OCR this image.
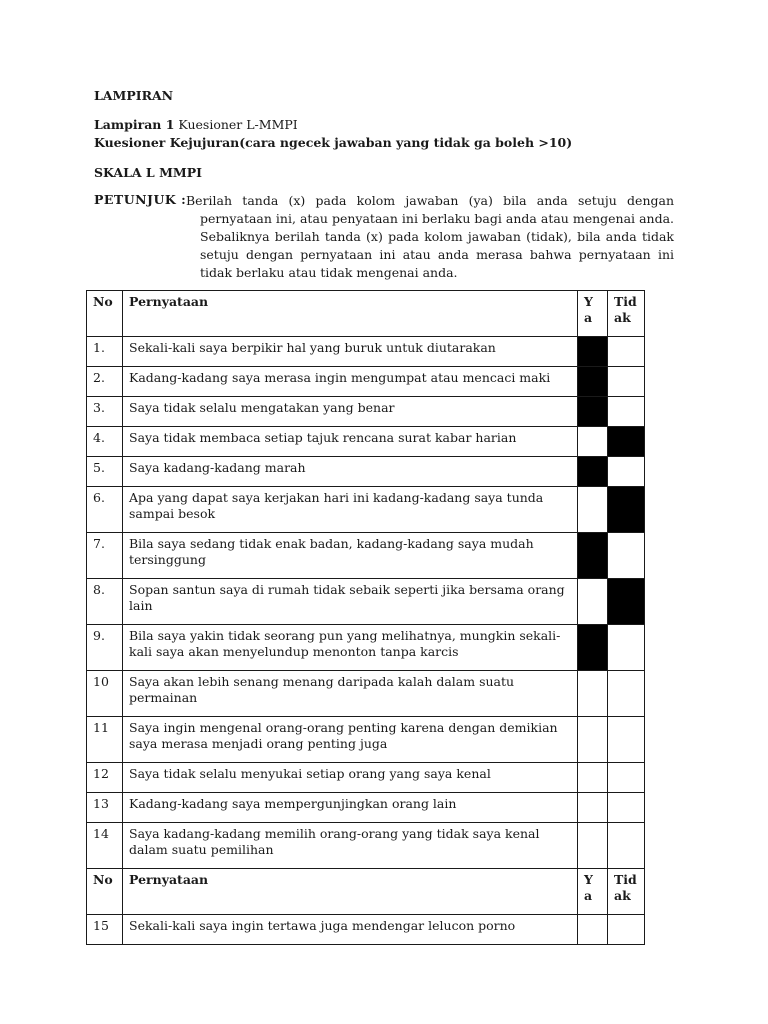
LAMPIRAN
Lampiran 1 Kuesioner L-MMPI
Kuesioner Kejujuran(cara ngecek jawaban yang tidak ga boleh >10)
SKALA L MMPI
PETUNJUK : Berilah tanda (x) pada kolom jawaban (ya) bila anda setuju dengan pernyataan ini, atau penyataan ini berlaku bagi anda atau mengenai anda. Sebaliknya berilah tanda (x) pada kolom jawaban (tidak), bila anda tidak setuju dengan pernyataan ini atau anda merasa bahwa pernyataan ini tidak berlaku atau tidak mengenai anda.
No	Pernyataan	Y a	Tid ak
1.	Sekali-kali saya berpikir hal yang buruk untuk diutarakan		
2.	Kadang-kadang saya merasa ingin mengumpat atau mencaci maki		
3.	Saya tidak selalu mengatakan yang benar		
4.	Saya tidak membaca setiap tajuk rencana surat kabar harian		
5.	Saya kadang-kadang marah		
6.	Apa yang dapat saya kerjakan hari ini kadang-kadang saya tunda sampai besok		
7.	Bila saya sedang tidak enak badan, kadang-kadang saya mudah tersinggung		
8.	Sopan santun saya di rumah tidak sebaik seperti jika bersama orang lain		
9.	Bila saya yakin tidak seorang pun yang melihatnya, mungkin sekali-kali saya akan menyelundup menonton tanpa karcis		
10	Saya akan lebih senang menang daripada kalah dalam suatu permainan		
11	Saya ingin mengenal orang-orang penting karena dengan demikian saya merasa menjadi orang penting juga		
12	Saya tidak selalu menyukai setiap orang yang saya kenal		
13	Kadang-kadang saya mempergunjingkan orang lain		
14	Saya kadang-kadang memilih orang-orang yang tidak saya kenal dalam suatu pemilihan		
No	Pernyataan	Y a	Tid ak
15	Sekali-kali saya ingin tertawa juga mendengar lelucon porno		
